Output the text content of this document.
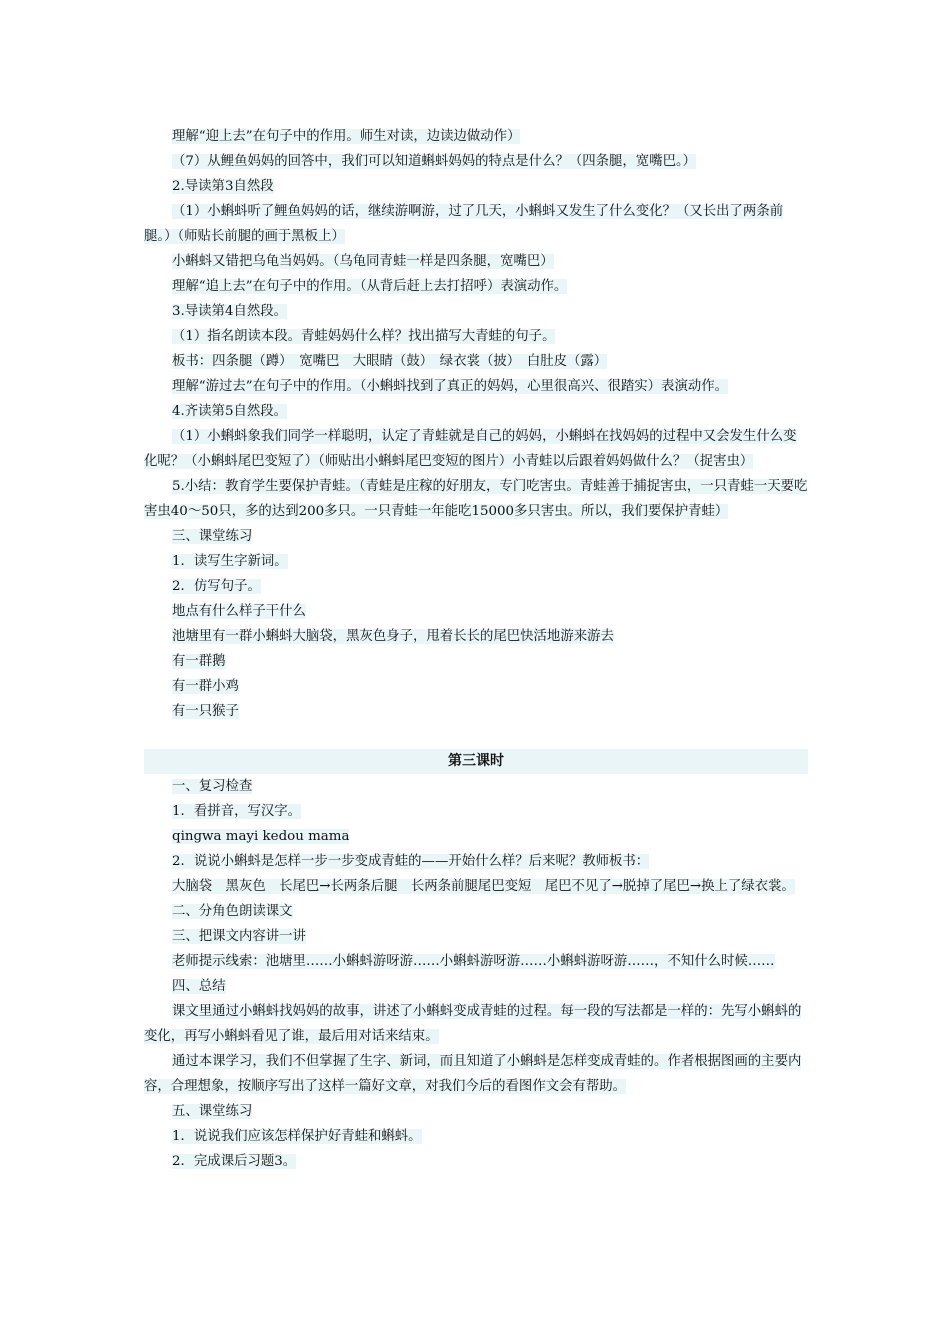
理解“迎上去”在句子中的作用。师生对读，边读边做动作）

（7）从鲤鱼妈妈的回答中，我们可以知道蝌蚪妈妈的特点是什么？（四条腿，宽嘴巴。）

2.导读第3自然段

（1）小蝌蚪听了鲤鱼妈妈的话，继续游啊游，过了几天，小蝌蚪又发生了什么变化？（又长出了两条前腿。）（师贴长前腿的画于黑板上）

小蝌蚪又错把乌龟当妈妈。（乌龟同青蛙一样是四条腿，宽嘴巴）

理解“追上去”在句子中的作用。（从背后赶上去打招呼）表演动作。

3.导读第4自然段。

（1）指名朗读本段。青蛙妈妈什么样？找出描写大青蛙的句子。

板书：四条腿（蹲）　宽嘴巴　大眼睛（鼓）　绿衣裳（披）　白肚皮（露）

理解“游过去”在句子中的作用。（小蝌蚪找到了真正的妈妈，心里很高兴、很踏实）表演动作。

4.齐读第5自然段。

（1）小蝌蚪象我们同学一样聪明，认定了青蛙就是自己的妈妈，小蝌蚪在找妈妈的过程中又会发生什么变化呢？（小蝌蚪尾巴变短了）（师贴出小蝌蚪尾巴变短的图片）小青蛙以后跟着妈妈做什么？（捉害虫）

5.小结：教育学生要保护青蛙。（青蛙是庄稼的好朋友，专门吃害虫。青蛙善于捕捉害虫，一只青蛙一天要吃害虫40～50只，多的达到200多只。一只青蛙一年能吃15000多只害虫。所以，我们要保护青蛙）

三、课堂练习

1．读写生字新词。

2．仿写句子。

地点有什么样子干什么

池塘里有一群小蝌蚪大脑袋，黑灰色身子，甩着长长的尾巴快活地游来游去

有一群鹅

有一群小鸡

有一只猴子

第三课时

一、复习检查

1．看拼音，写汉字。

qingwa mayi kedou mama

2．说说小蝌蚪是怎样一步一步变成青蛙的——开始什么样？后来呢？教师板书：

大脑袋　黑灰色　长尾巴→长两条后腿　长两条前腿尾巴变短　尾巴不见了→脱掉了尾巴→换上了绿衣裳。

二、分角色朗读课文

三、把课文内容讲一讲

老师提示线索：池塘里……小蝌蚪游呀游……小蝌蚪游呀游……小蝌蚪游呀游……，不知什么时候……

四、总结

课文里通过小蝌蚪找妈妈的故事，讲述了小蝌蚪变成青蛙的过程。每一段的写法都是一样的：先写小蝌蚪的变化，再写小蝌蚪看见了谁，最后用对话来结束。

通过本课学习，我们不但掌握了生字、新词，而且知道了小蝌蚪是怎样变成青蛙的。作者根据图画的主要内容，合理想象，按顺序写出了这样一篇好文章，对我们今后的看图作文会有帮助。

五、课堂练习

1．说说我们应该怎样保护好青蛙和蝌蚪。

2．完成课后习题3。
